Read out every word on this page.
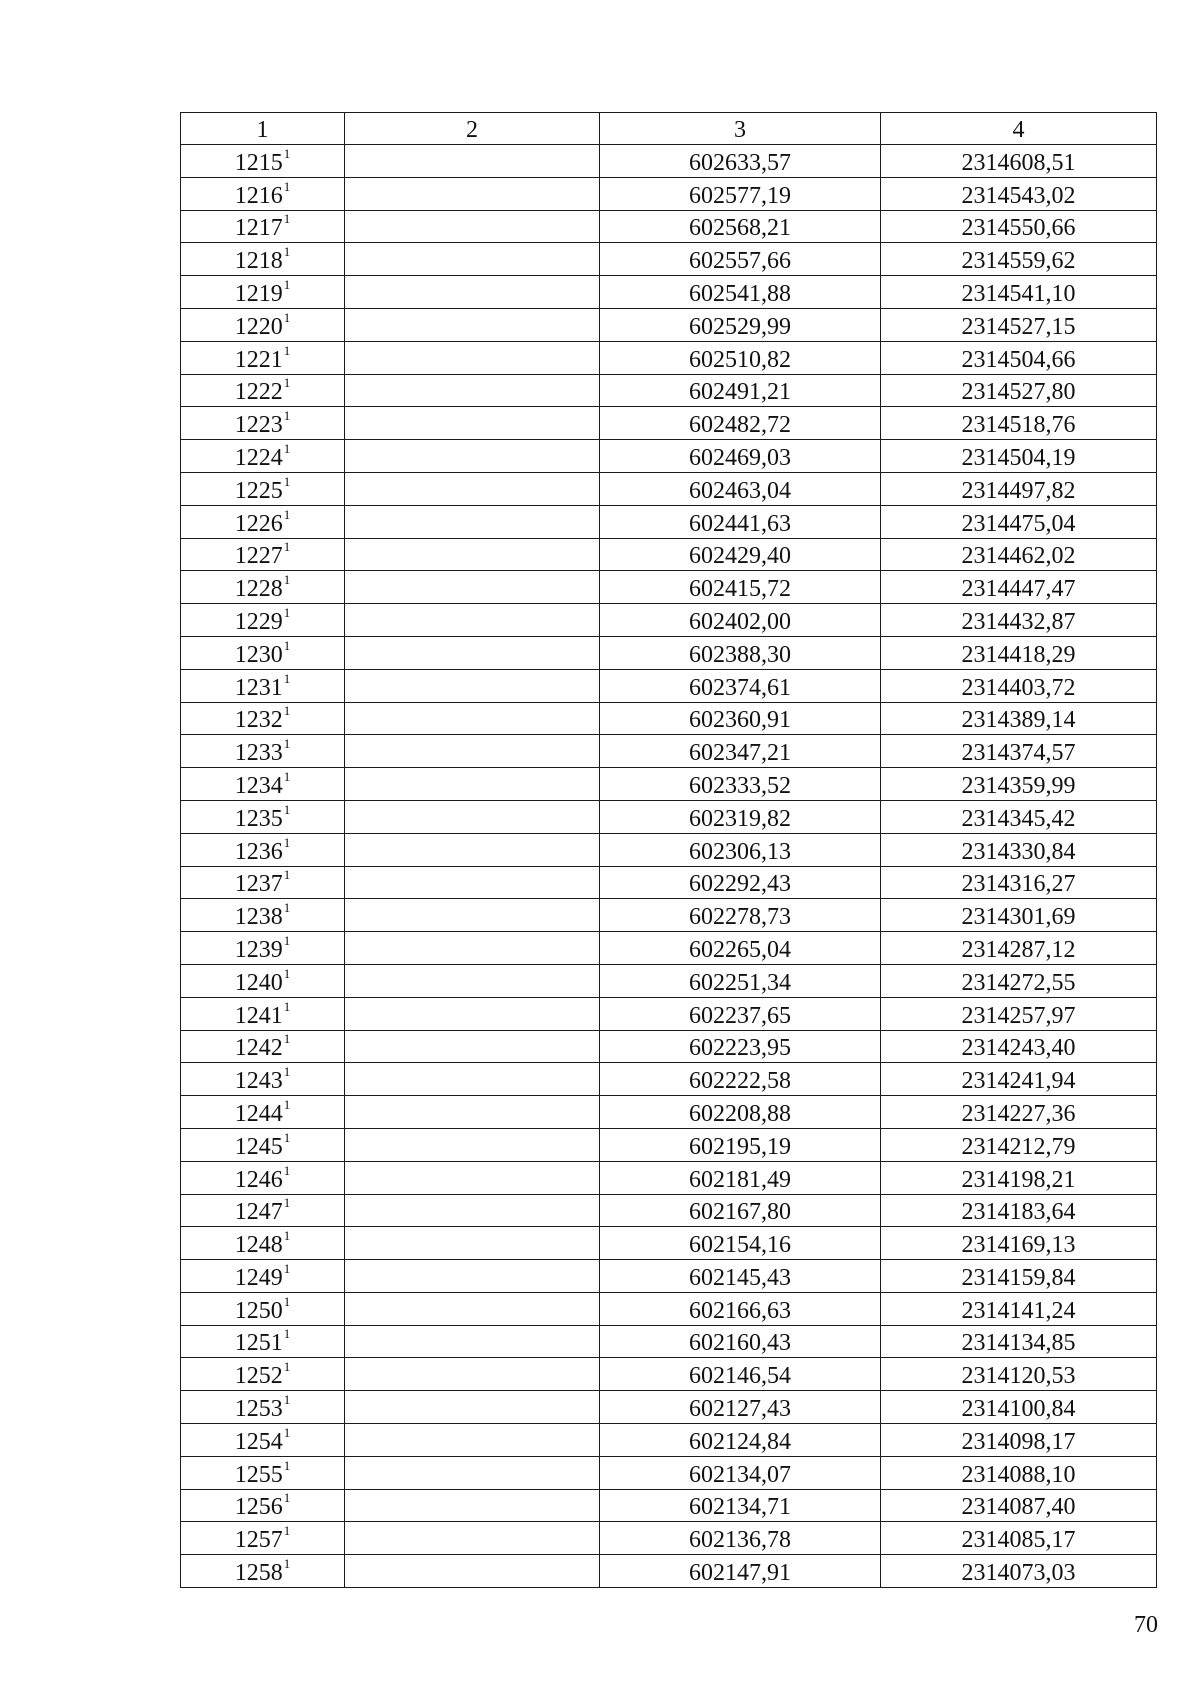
1	2	3	4
1215$^1$		602633,57	2314608,51
1216$^1$		602577,19	2314543,02
1217$^1$		602568,21	2314550,66
1218$^1$		602557,66	2314559,62
1219$^1$		602541,88	2314541,10
1220$^1$		602529,99	2314527,15
1221$^1$		602510,82	2314504,66
1222$^1$		602491,21	2314527,80
1223$^1$		602482,72	2314518,76
1224$^1$		602469,03	2314504,19
1225$^1$		602463,04	2314497,82
1226$^1$		602441,63	2314475,04
1227$^1$		602429,40	2314462,02
1228$^1$		602415,72	2314447,47
1229$^1$		602402,00	2314432,87
1230$^1$		602388,30	2314418,29
1231$^1$		602374,61	2314403,72
1232$^1$		602360,91	2314389,14
1233$^1$		602347,21	2314374,57
1234$^1$		602333,52	2314359,99
1235$^1$		602319,82	2314345,42
1236$^1$		602306,13	2314330,84
1237$^1$		602292,43	2314316,27
1238$^1$		602278,73	2314301,69
1239$^1$		602265,04	2314287,12
1240$^1$		602251,34	2314272,55
1241$^1$		602237,65	2314257,97
1242$^1$		602223,95	2314243,40
1243$^1$		602222,58	2314241,94
1244$^1$		602208,88	2314227,36
1245$^1$		602195,19	2314212,79
1246$^1$		602181,49	2314198,21
1247$^1$		602167,80	2314183,64
1248$^1$		602154,16	2314169,13
1249$^1$		602145,43	2314159,84
1250$^1$		602166,63	2314141,24
1251$^1$		602160,43	2314134,85
1252$^1$		602146,54	2314120,53
1253$^1$		602127,43	2314100,84
1254$^1$		602124,84	2314098,17
1255$^1$		602134,07	2314088,10
1256$^1$		602134,71	2314087,40
1257$^1$		602136,78	2314085,17
1258$^1$		602147,91	2314073,03
70
